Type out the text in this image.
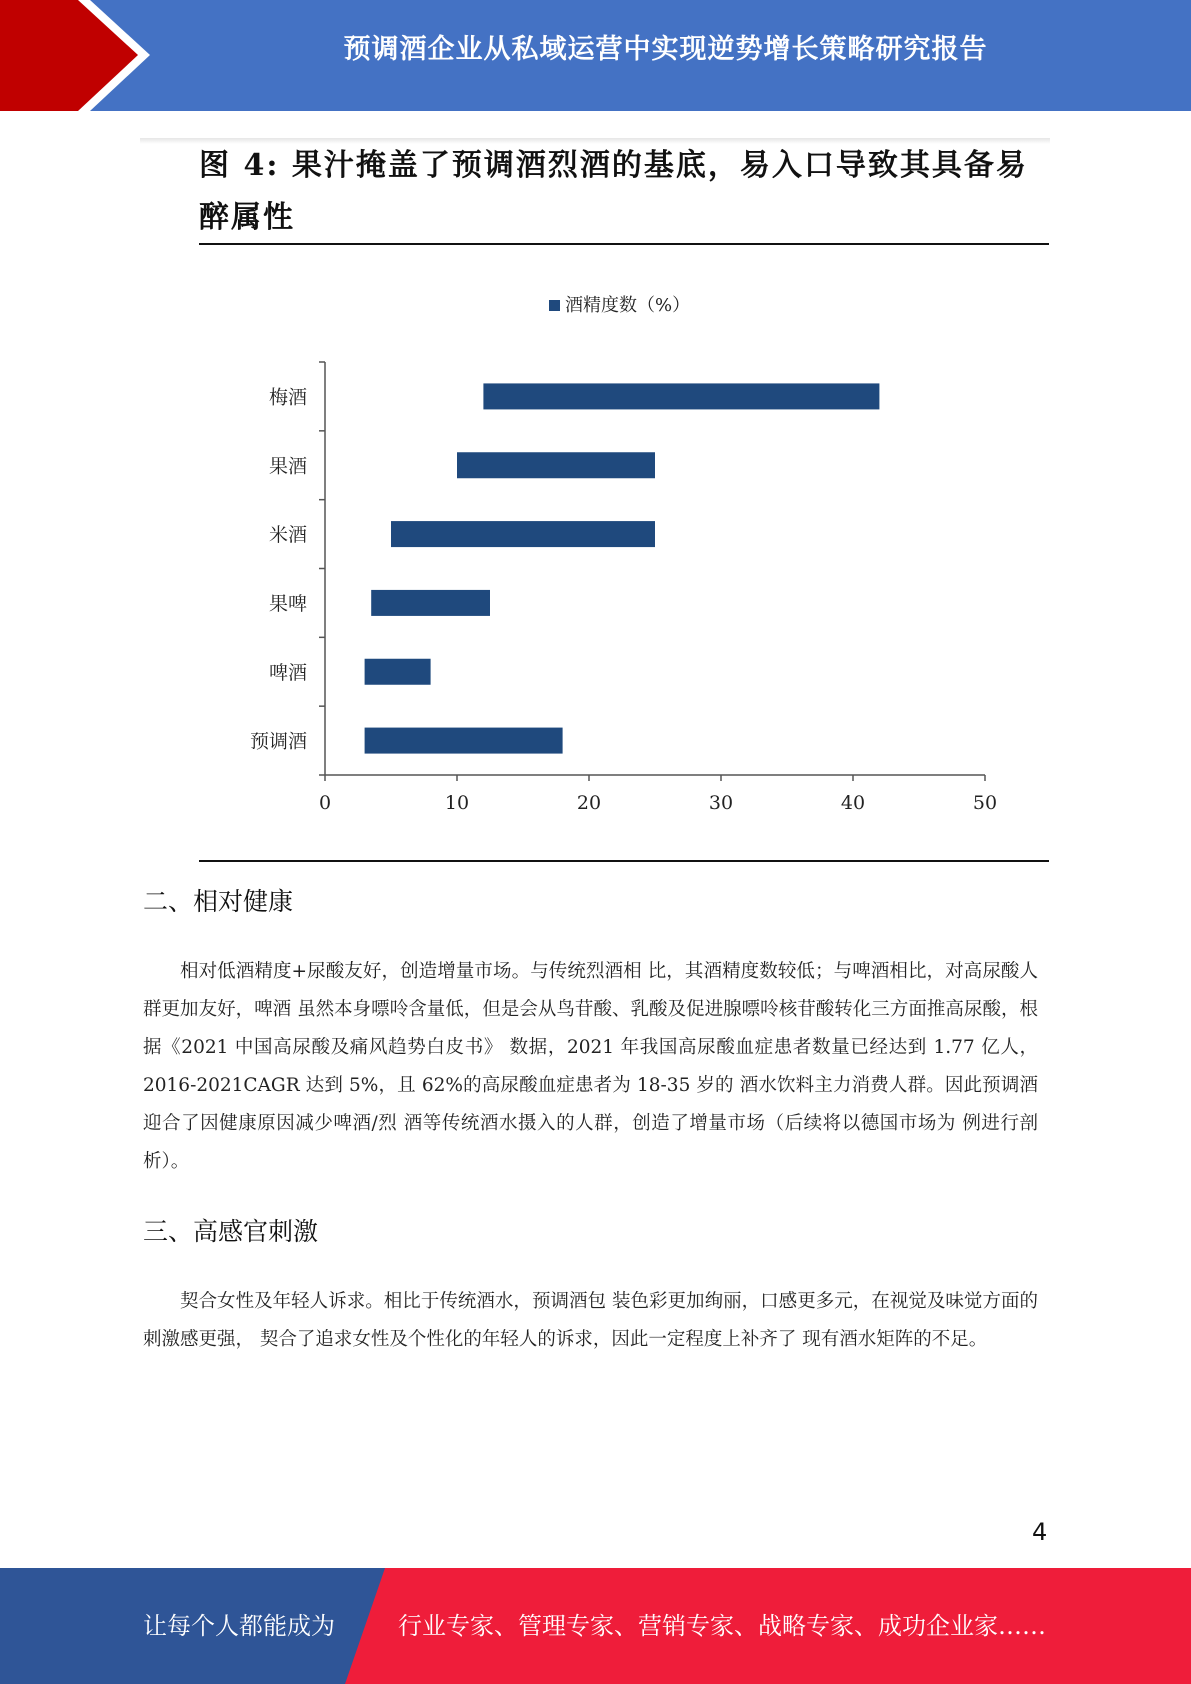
预调酒企业从私域运营中实现逆势增长策略研究报告
图 4: 果汁掩盖了预调酒烈酒的基底，易入口导致其具备易
醉属性
酒精度数（%）
0	10	20	30	40	50
梅酒
果酒
米酒
果啤
啤酒
预调酒
二、相对健康
相对低酒精度+尿酸友好，创造增量市场。与传统烈酒相 比，其酒精度数较低；与啤酒相比，对高尿酸人群更加友好，啤酒 虽然本身嘌呤含量低，但是会从鸟苷酸、乳酸及促进腺嘌呤核苷酸转化三方面推高尿酸，根据《2021 中国高尿酸及痛风趋势白皮书》 数据，2021 年我国高尿酸血症患者数量已经达到 1.77 亿人， 2016-2021CAGR 达到 5%，且 62%的高尿酸血症患者为 18-35 岁的 酒水饮料主力消费人群。因此预调酒迎合了因健康原因减少啤酒/烈 酒等传统酒水摄入的人群，创造了增量市场（后续将以德国市场为 例进行剖析）。
三、高感官刺激
契合女性及年轻人诉求。相比于传统酒水，预调酒包 装色彩更加绚丽，口感更多元，在视觉及味觉方面的刺激感更强， 契合了追求女性及个性化的年轻人的诉求，因此一定程度上补齐了 现有酒水矩阵的不足。
4
让每个人都能成为	行业专家、管理专家、营销专家、战略专家、成功企业家……
